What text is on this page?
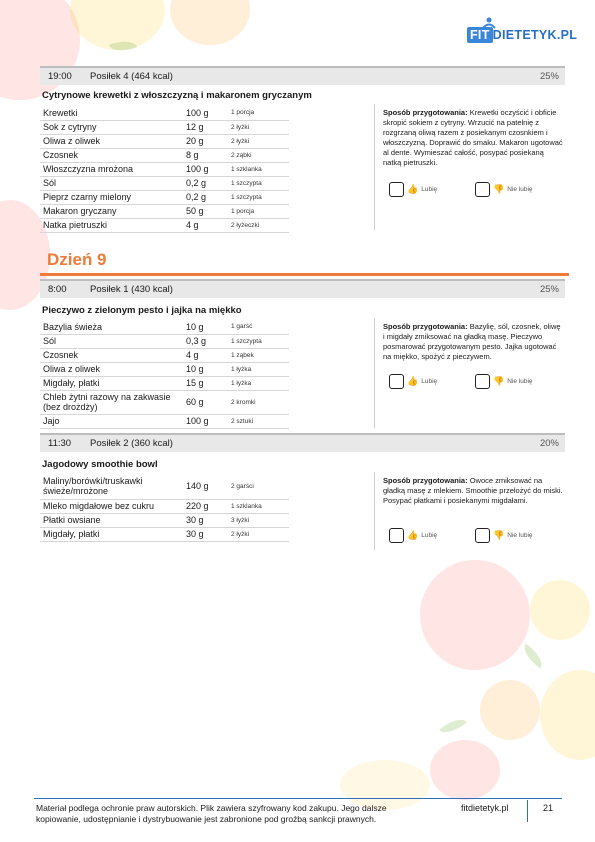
FIT DIETETYK.PL
19:00 Posiłek 4 (464 kcal)	25%
Cytrynowe krewetki z włoszczyzną i makaronem gryczanym
Krewetki	100 g	1 porcja
Sok z cytryny	12 g	2 łyżki
Oliwa z oliwek	20 g	2 łyżki
Czosnek	8 g	2 ząbki
Włoszczyzna mrożona	100 g	1 szklanka
Sól	0,2 g	1 szczypta
Pieprz czarny mielony	0,2 g	1 szczypta
Makaron gryczany	50 g	1 porcja
Natka pietruszki	4 g	2 łyżeczki
Sposób przygotowania: Krewetki oczyścić i obficie skropić sokiem z cytryny. Wrzucić na patelnię z rozgrzaną oliwą razem z posiekanym czosnkiem i włoszczyzną. Doprawić do smaku. Makaron ugotować al dente. Wymieszać całość, posypać posiekaną natką pietruszki.
👍 Lubię	👎 Nie lubię
Dzień 9
8:00 Posiłek 1 (430 kcal)	25%
Pieczywo z zielonym pesto i jajka na miękko
Bazylia świeża	10 g	1 garść
Sól	0,3 g	1 szczypta
Czosnek	4 g	1 ząbek
Oliwa z oliwek	10 g	1 łyżka
Migdały, płatki	15 g	1 łyżka
Chleb żytni razowy na zakwasie (bez drożdży)	60 g	2 kromki
Jajo	100 g	2 sztuki
Sposób przygotowania: Bazylię, sól, czosnek, oliwę i migdały zmiksować na gładką masę. Pieczywo posmarować przygotowanym pesto. Jajka ugotować na miękko, spożyć z pieczywem.
👍 Lubię	👎 Nie lubię
11:30 Posiłek 2 (360 kcal)	20%
Jagodowy smoothie bowl
Maliny/borówki/truskawki świeże/mrożone	140 g	2 garści
Mleko migdałowe bez cukru	220 g	1 szklanka
Płatki owsiane	30 g	3 łyżki
Migdały, płatki	30 g	2 łyżki
Sposób przygotowania: Owoce zmiksować na gładką masę z mlekiem. Smoothie przelożyć do miski. Posypać płatkami i posiekanymi migdałami.
👍 Lubię	👎 Nie lubię
Materiał podlega ochronie praw autorskich. Plik zawiera szyfrowany kod zakupu. Jego dalsze kopiowanie, udostępnianie i dystrybuowanie jest zabronione pod groźbą sankcji prawnych.
fitdietetyk.pl	21
